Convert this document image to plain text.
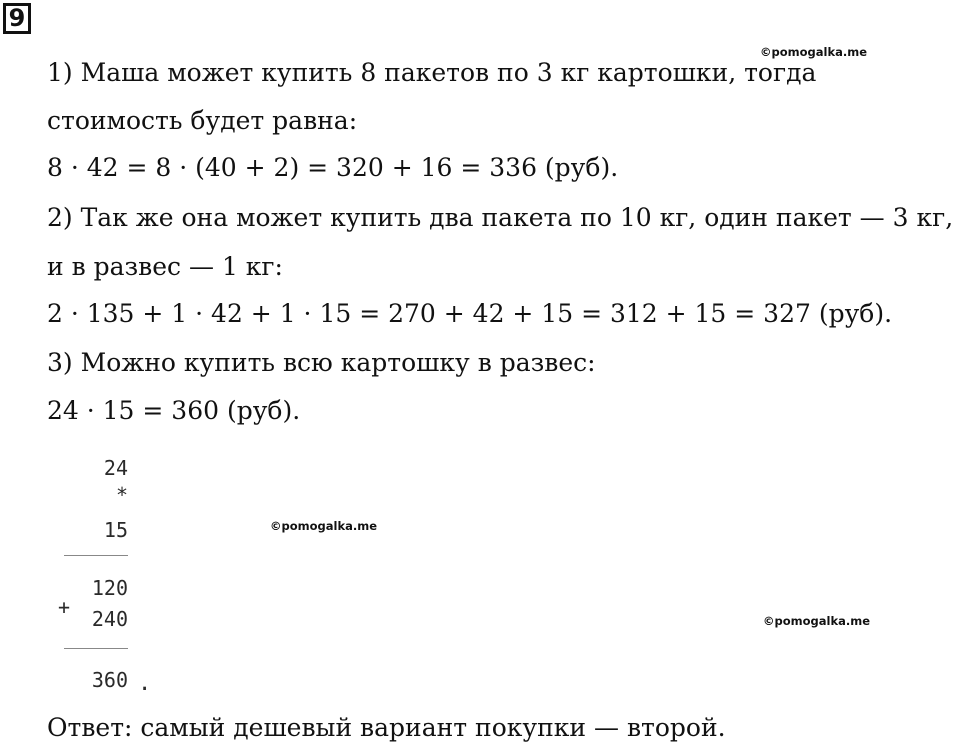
9
©pomogalka.me
©pomogalka.me
©pomogalka.me
1) Маша может купить 8 пакетов по 3 кг картошки, тогда
стоимость будет равна:
8 · 42 = 8 · (40 + 2) = 320 + 16 = 336 (руб).
2) Так же она может купить два пакета по 10 кг, один пакет — 3 кг,
и в развес — 1 кг:
2 · 135 + 1 · 42 + 1 · 15 = 270 + 42 + 15 = 312 + 15 = 327 (руб).
3) Можно купить всю картошку в развес:
24 · 15 = 360 (руб).
24
*
15
120
+	240
360 .
Ответ: самый дешевый вариант покупки — второй.
